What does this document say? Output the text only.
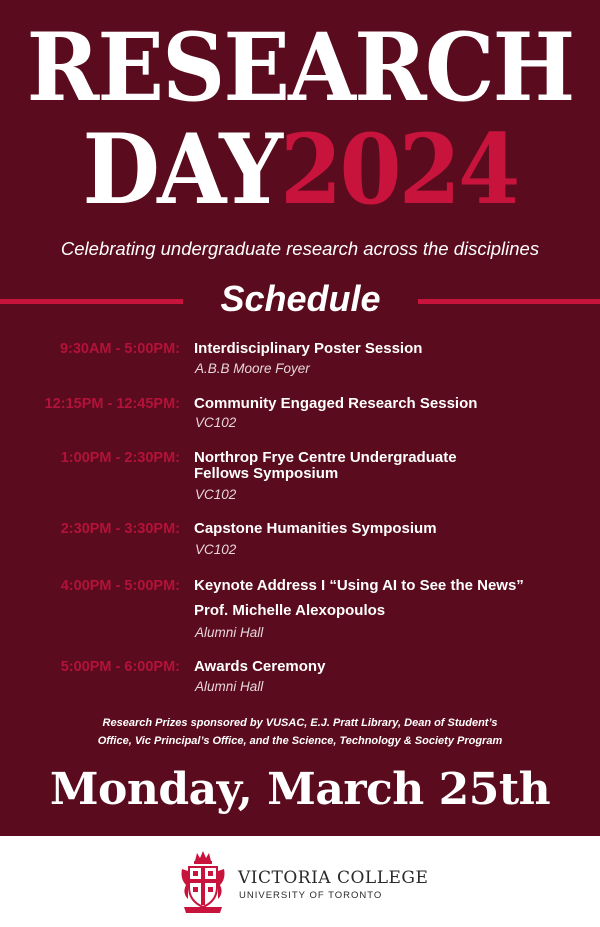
RESEARCH
DAY2024
Celebrating undergraduate research across the disciplines
Schedule
9:30AM - 5:00PM: Interdisciplinary Poster Session
A.B.B Moore Foyer
12:15PM - 12:45PM: Community Engaged Research Session
VC102
1:00PM - 2:30PM: Northrop Frye Centre Undergraduate
Fellows Symposium
VC102
2:30PM - 3:30PM: Capstone Humanities Symposium
VC102
4:00PM - 5:00PM: Keynote Address I “Using AI to See the News”
Prof. Michelle Alexopoulos
Alumni Hall
5:00PM - 6:00PM: Awards Ceremony
Alumni Hall
Research Prizes sponsored by VUSAC, E.J. Pratt Library, Dean of Student’s
Office, Vic Principal’s Office, and the Science, Technology & Society Program
Monday, March 25th
VICTORIA COLLEGE
UNIVERSITY OF TORONTO
